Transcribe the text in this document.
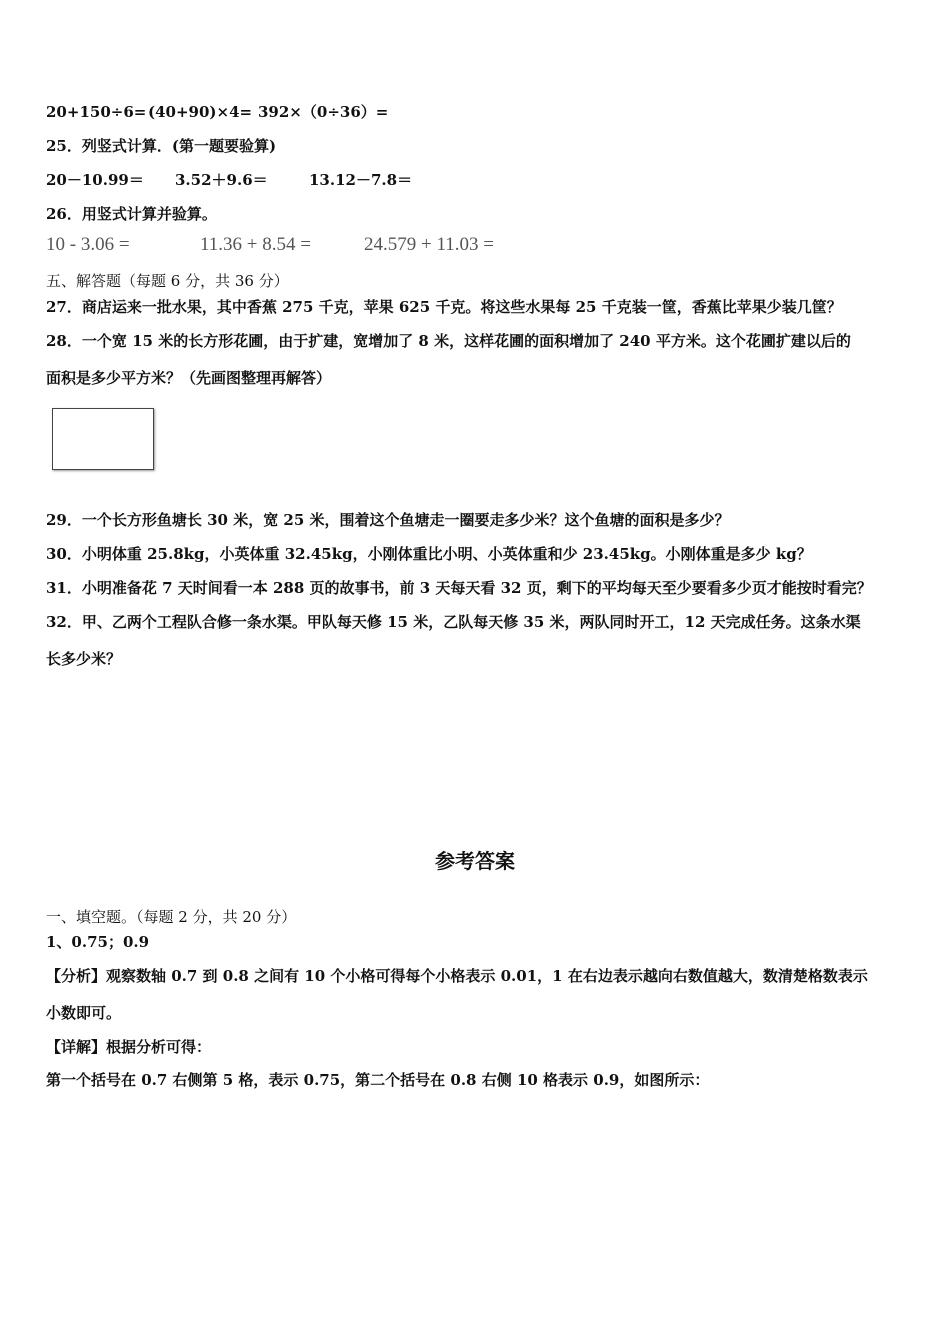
20+150÷6= (40+90)×4= 392×（0÷36）=
25．列竖式计算．(第一题要验算)
20－10.99＝ 3.52＋9.6＝	13.12－7.8＝
26．用竖式计算并验算。
10 - 3.06 =	11.36 + 8.54 =	24.579 + 11.03 =
五、解答题（每题 6 分，共 36 分）
27．商店运来一批水果，其中香蕉 275 千克，苹果 625 千克。将这些水果每 25 千克装一筐，香蕉比苹果少装几筐？
28．一个宽 15 米的长方形花圃，由于扩建，宽增加了 8 米，这样花圃的面积增加了 240 平方米。这个花圃扩建以后的
面积是多少平方米？（先画图整理再解答）
29．一个长方形鱼塘长 30 米，宽 25 米，围着这个鱼塘走一圈要走多少米？这个鱼塘的面积是多少？
30．小明体重 25.8kg，小英体重 32.45kg，小刚体重比小明、小英体重和少 23.45kg。小刚体重是多少 kg？
31．小明准备花 7 天时间看一本 288 页的故事书，前 3 天每天看 32 页，剩下的平均每天至少要看多少页才能按时看完？
32．甲、乙两个工程队合修一条水渠。甲队每天修 15 米，乙队每天修 35 米，两队同时开工，12 天完成任务。这条水渠
长多少米？
参考答案
一、填空题。（每题 2 分，共 20 分）
1、0.75；0.9
【分析】观察数轴 0.7 到 0.8 之间有 10 个小格可得每个小格表示 0.01，1 在右边表示越向右数值越大，数清楚格数表示
小数即可。
【详解】根据分析可得：
第一个括号在 0.7 右侧第 5 格，表示 0.75，第二个括号在 0.8 右侧 10 格表示 0.9，如图所示：
